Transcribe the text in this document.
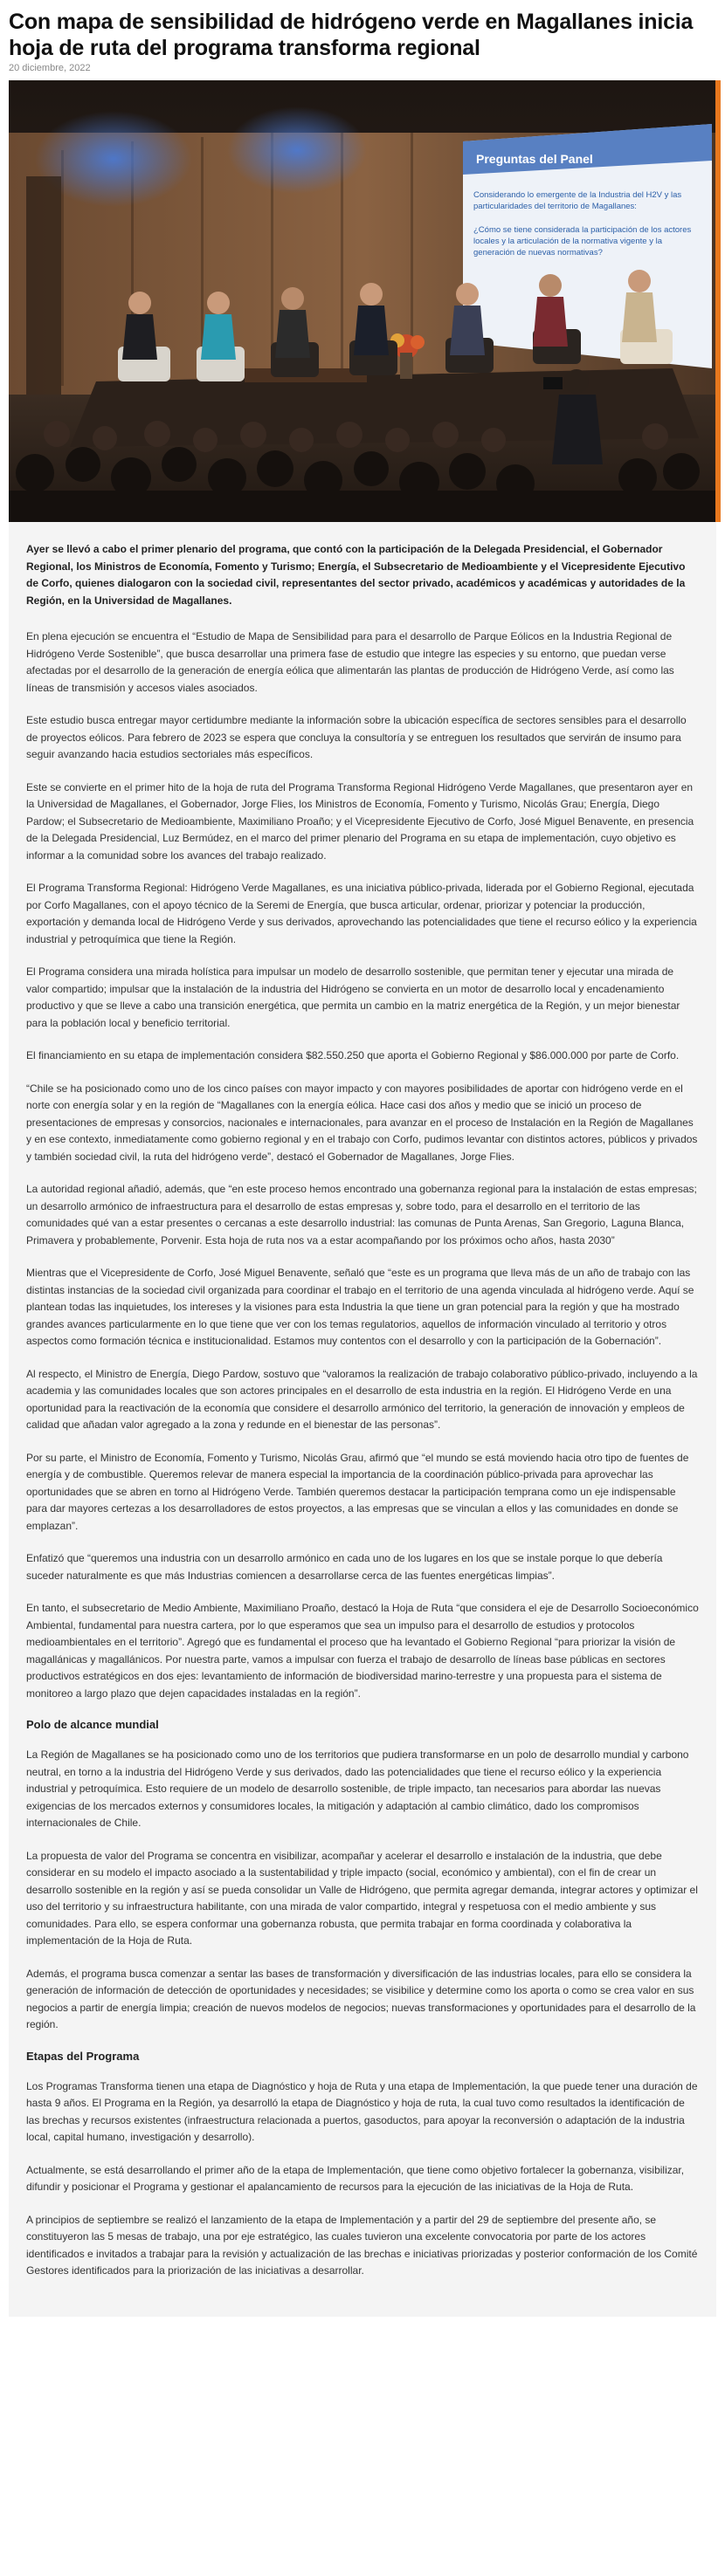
Con mapa de sensibilidad de hidrógeno verde en Magallanes inicia hoja de ruta del programa transforma regional
20 diciembre, 2022
Preguntas del Panel
Considerando lo emergente de la Industria del H2V y las particularidades del territorio de Magallanes:
¿Cómo se tiene considerada la participación de los actores locales y la articulación de la normativa vigente y la generación de nuevas normativas?

Ayer se llevó a cabo el primer plenario del programa, que contó con la participación de la Delegada Presidencial, el Gobernador Regional, los Ministros de Economía, Fomento y Turismo; Energía, el Subsecretario de Medioambiente y el Vicepresidente Ejecutivo de Corfo, quienes dialogaron con la sociedad civil, representantes del sector privado, académicos y académicas y autoridades de la Región, en la Universidad de Magallanes.

En plena ejecución se encuentra el “Estudio de Mapa de Sensibilidad para para el desarrollo de Parque Eólicos en la Industria Regional de Hidrógeno Verde Sostenible”, que busca desarrollar una primera fase de estudio que integre las especies y su entorno, que puedan verse afectadas por el desarrollo de la generación de energía eólica que alimentarán las plantas de producción de Hidrógeno Verde, así como las líneas de transmisión y accesos viales asociados.

Este estudio busca entregar mayor certidumbre mediante la información sobre la ubicación específica de sectores sensibles para el desarrollo de proyectos eólicos. Para febrero de 2023 se espera que concluya la consultoría y se entreguen los resultados que servirán de insumo para seguir avanzando hacia estudios sectoriales más específicos.

Este se convierte en el primer hito de la hoja de ruta del Programa Transforma Regional Hidrógeno Verde Magallanes, que presentaron ayer en la Universidad de Magallanes, el Gobernador, Jorge Flies, los Ministros de Economía, Fomento y Turismo, Nicolás Grau; Energía, Diego Pardow; el Subsecretario de Medioambiente, Maximiliano Proaño; y el Vicepresidente Ejecutivo de Corfo, José Miguel Benavente, en presencia de la Delegada Presidencial, Luz Bermúdez, en el marco del primer plenario del Programa en su etapa de implementación, cuyo objetivo es informar a la comunidad sobre los avances del trabajo realizado.

El Programa Transforma Regional: Hidrógeno Verde Magallanes, es una iniciativa público-privada, liderada por el Gobierno Regional, ejecutada por Corfo Magallanes, con el apoyo técnico de la Seremi de Energía, que busca articular, ordenar, priorizar y potenciar la producción, exportación y demanda local de Hidrógeno Verde y sus derivados, aprovechando las potencialidades que tiene el recurso eólico y la experiencia industrial y petroquímica que tiene la Región.

El Programa considera una mirada holística para impulsar un modelo de desarrollo sostenible, que permitan tener y ejecutar una mirada de valor compartido; impulsar que la instalación de la industria del Hidrógeno se convierta en un motor de desarrollo local y encadenamiento productivo y que se lleve a cabo una transición energética, que permita un cambio en la matriz energética de la Región, y un mejor bienestar para la población local y beneficio territorial.

El financiamiento en su etapa de implementación considera $82.550.250 que aporta el Gobierno Regional y $86.000.000 por parte de Corfo.

“Chile se ha posicionado como uno de los cinco países con mayor impacto y con mayores posibilidades de aportar con hidrógeno verde en el norte con energía solar y en la región de “Magallanes con la energía eólica. Hace casi dos años y medio que se inició un proceso de presentaciones de empresas y consorcios, nacionales e internacionales, para avanzar en el proceso de Instalación en la Región de Magallanes y en ese contexto, inmediatamente como gobierno regional y en el trabajo con Corfo, pudimos levantar con distintos actores, públicos y privados y también sociedad civil, la ruta del hidrógeno verde”, destacó el Gobernador de Magallanes, Jorge Flies.

La autoridad regional añadió, además, que “en este proceso hemos encontrado una gobernanza regional para la instalación de estas empresas; un desarrollo armónico de infraestructura para el desarrollo de estas empresas y, sobre todo, para el desarrollo en el territorio de las comunidades qué van a estar presentes o cercanas a este desarrollo industrial: las comunas de Punta Arenas, San Gregorio, Laguna Blanca, Primavera y probablemente, Porvenir. Esta hoja de ruta nos va a estar acompañando por los próximos ocho años, hasta 2030”

Mientras que el Vicepresidente de Corfo, José Miguel Benavente, señaló que “este es un programa que lleva más de un año de trabajo con las distintas instancias de la sociedad civil organizada para coordinar el trabajo en el territorio de una agenda vinculada al hidrógeno verde. Aquí se plantean todas las inquietudes, los intereses y la visiones para esta Industria la que tiene un gran potencial para la región y que ha mostrado grandes avances particularmente en lo que tiene que ver con los temas regulatorios, aquellos de información vinculado al territorio y otros aspectos como formación técnica e institucionalidad. Estamos muy contentos con el desarrollo y con la participación de la Gobernación”.

Al respecto, el Ministro de Energía, Diego Pardow, sostuvo que “valoramos la realización de trabajo colaborativo público-privado, incluyendo a la academia y las comunidades locales que son actores principales en el desarrollo de esta industria en la región. El Hidrógeno Verde en una oportunidad para la reactivación de la economía que considere el desarrollo armónico del territorio, la generación de innovación y empleos de calidad que añadan valor agregado a la zona y redunde en el bienestar de las personas”.

Por su parte, el Ministro de Economía, Fomento y Turismo, Nicolás Grau, afirmó que “el mundo se está moviendo hacia otro tipo de fuentes de energía y de combustible. Queremos relevar de manera especial la importancia de la coordinación público-privada para aprovechar las oportunidades que se abren en torno al Hidrógeno Verde. También queremos destacar la participación temprana como un eje indispensable para dar mayores certezas a los desarrolladores de estos proyectos, a las empresas que se vinculan a ellos y las comunidades en donde se emplazan”.

Enfatizó que “queremos una industria con un desarrollo armónico en cada uno de los lugares en los que se instale porque lo que debería suceder naturalmente es que más Industrias comiencen a desarrollarse cerca de las fuentes energéticas limpias”.

En tanto, el subsecretario de Medio Ambiente, Maximiliano Proaño, destacó la Hoja de Ruta “que considera el eje de Desarrollo Socioeconómico Ambiental, fundamental para nuestra cartera, por lo que esperamos que sea un impulso para el desarrollo de estudios y protocolos medioambientales en el territorio”. Agregó que es fundamental el proceso que ha levantado el Gobierno Regional “para priorizar la visión de magallánicas y magallánicos. Por nuestra parte, vamos a impulsar con fuerza el trabajo de desarrollo de líneas base públicas en sectores productivos estratégicos en dos ejes: levantamiento de información de biodiversidad marino-terrestre y una propuesta para el sistema de monitoreo a largo plazo que dejen capacidades instaladas en la región”.

Polo de alcance mundial

La Región de Magallanes se ha posicionado como uno de los territorios que pudiera transformarse en un polo de desarrollo mundial y carbono neutral, en torno a la industria del Hidrógeno Verde y sus derivados, dado las potencialidades que tiene el recurso eólico y la experiencia industrial y petroquímica. Esto requiere de un modelo de desarrollo sostenible, de triple impacto, tan necesarios para abordar las nuevas exigencias de los mercados externos y consumidores locales, la mitigación y adaptación al cambio climático, dado los compromisos internacionales de Chile.

La propuesta de valor del Programa se concentra en visibilizar, acompañar y acelerar el desarrollo e instalación de la industria, que debe considerar en su modelo el impacto asociado a la sustentabilidad y triple impacto (social, económico y ambiental), con el fin de crear un desarrollo sostenible en la región y así se pueda consolidar un Valle de Hidrógeno, que permita agregar demanda, integrar actores y optimizar el uso del territorio y su infraestructura habilitante, con una mirada de valor compartido, integral y respetuosa con el medio ambiente y sus comunidades. Para ello, se espera conformar una gobernanza robusta, que permita trabajar en forma coordinada y colaborativa la implementación de la Hoja de Ruta.

Además, el programa busca comenzar a sentar las bases de transformación y diversificación de las industrias locales, para ello se considera la generación de información de detección de oportunidades y necesidades; se visibilice y determine como los aporta o como se crea valor en sus negocios a partir de energía limpia; creación de nuevos modelos de negocios; nuevas transformaciones y oportunidades para el desarrollo de la región.

Etapas del Programa

Los Programas Transforma tienen una etapa de Diagnóstico y hoja de Ruta y una etapa de Implementación, la que puede tener una duración de hasta 9 años. El Programa en la Región, ya desarrolló la etapa de Diagnóstico y hoja de ruta, la cual tuvo como resultados la identificación de las brechas y recursos existentes (infraestructura relacionada a puertos, gasoductos, para apoyar la reconversión o adaptación de la industria local, capital humano, investigación y desarrollo).

Actualmente, se está desarrollando el primer año de la etapa de Implementación, que tiene como objetivo fortalecer la gobernanza, visibilizar, difundir y posicionar el Programa y gestionar el apalancamiento de recursos para la ejecución de las iniciativas de la Hoja de Ruta.

A principios de septiembre se realizó el lanzamiento de la etapa de Implementación y a partir del 29 de septiembre del presente año, se constituyeron las 5 mesas de trabajo, una por eje estratégico, las cuales tuvieron una excelente convocatoria por parte de los actores identificados e invitados a trabajar para la revisión y actualización de las brechas e iniciativas priorizadas y posterior conformación de los Comité Gestores identificados para la priorización de las iniciativas a desarrollar.
